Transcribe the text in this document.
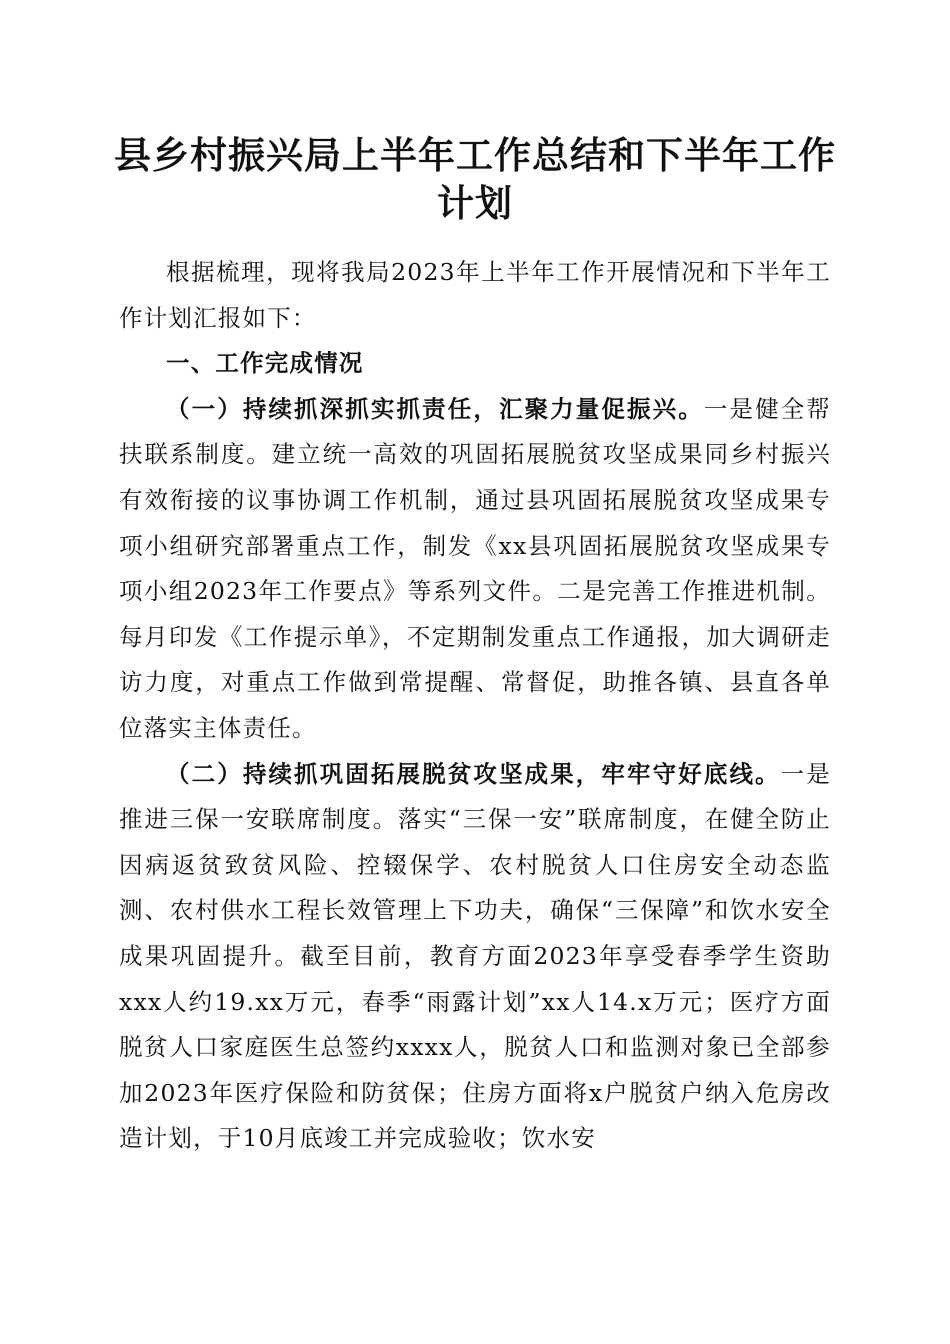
县乡村振兴局上半年工作总结和下半年工作计划

根据梳理，现将我局2023年上半年工作开展情况和下半年工作计划汇报如下：

一、工作完成情况

（一）持续抓深抓实抓责任，汇聚力量促振兴。一是健全帮扶联系制度。建立统一高效的巩固拓展脱贫攻坚成果同乡村振兴有效衔接的议事协调工作机制，通过县巩固拓展脱贫攻坚成果专项小组研究部署重点工作，制发《xx县巩固拓展脱贫攻坚成果专项小组2023年工作要点》等系列文件。二是完善工作推进机制。每月印发《工作提示单》，不定期制发重点工作通报，加大调研走访力度，对重点工作做到常提醒、常督促，助推各镇、县直各单位落实主体责任。

（二）持续抓巩固拓展脱贫攻坚成果，牢牢守好底线。一是推进三保一安联席制度。落实“三保一安”联席制度，在健全防止因病返贫致贫风险、控辍保学、农村脱贫人口住房安全动态监测、农村供水工程长效管理上下功夫，确保“三保障”和饮水安全成果巩固提升。截至目前，教育方面2023年享受春季学生资助xxx人约19.xx万元，春季“雨露计划”xx人14.x万元；医疗方面脱贫人口家庭医生总签约xxxx人，脱贫人口和监测对象已全部参加2023年医疗保险和防贫保；住房方面将x户脱贫户纳入危房改造计划，于10月底竣工并完成验收；饮水安
